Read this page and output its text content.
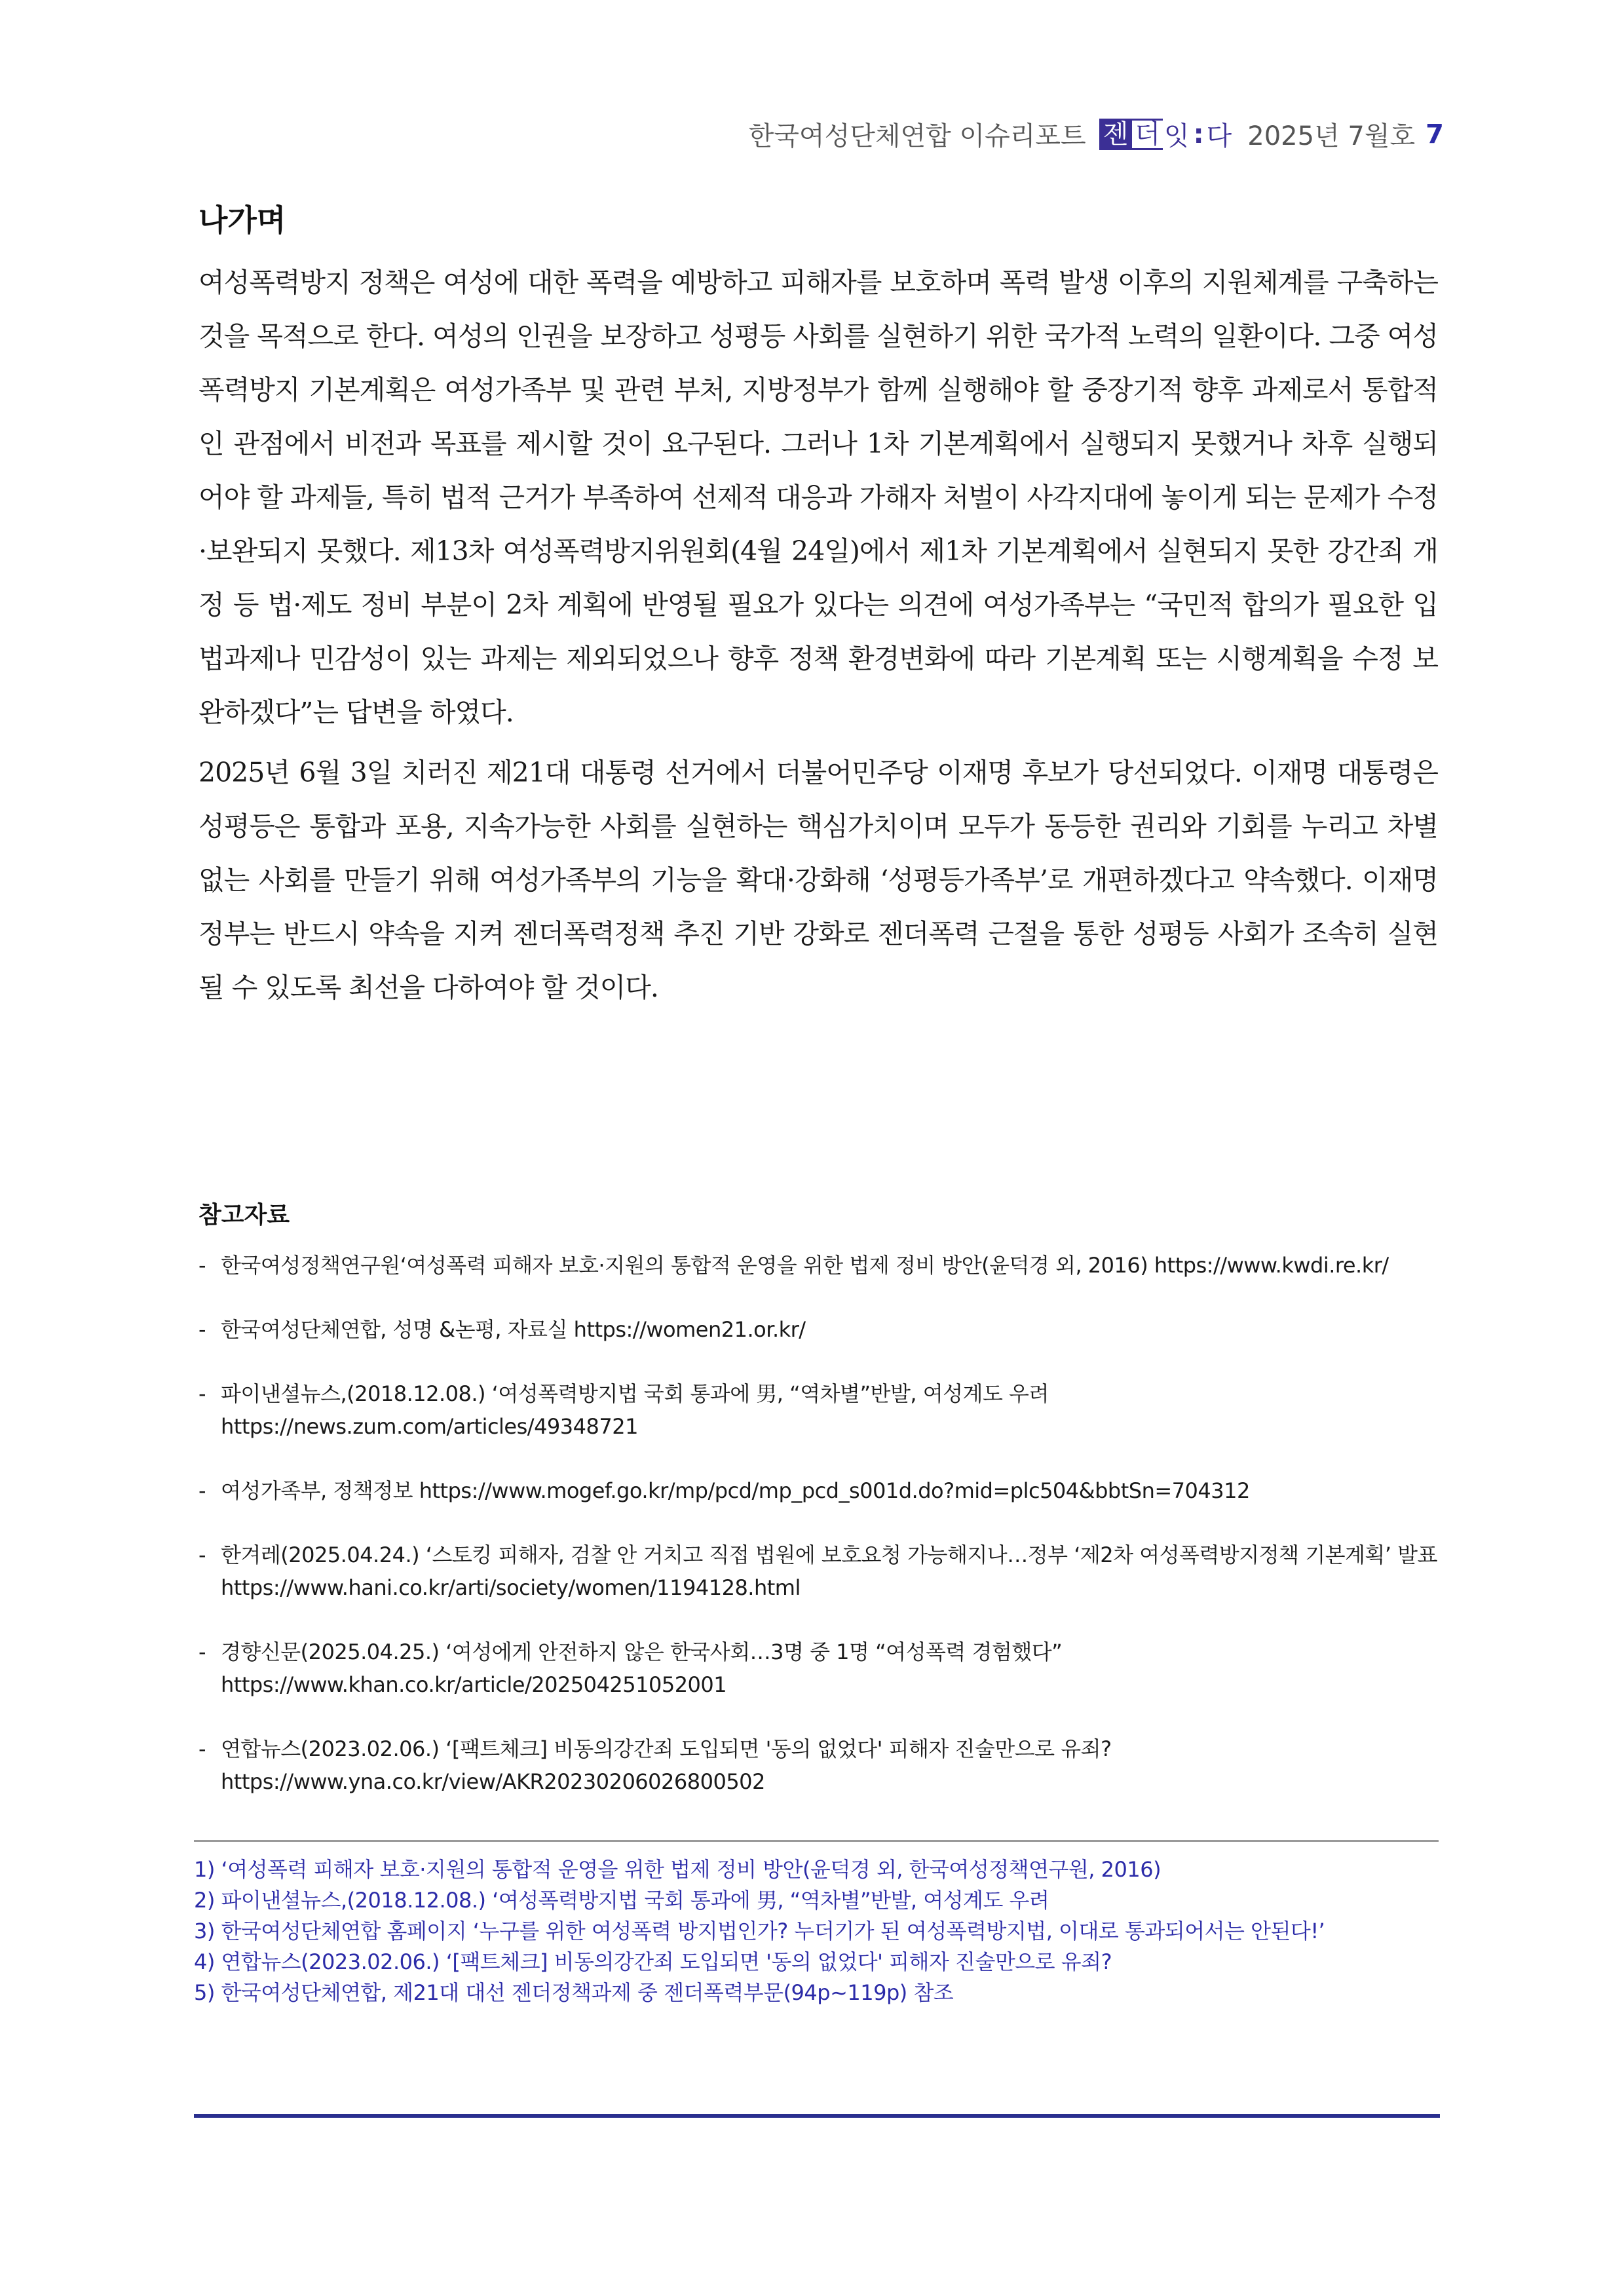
한국여성단체연합 이슈리포트 젠 더 잇 : 다 2025년 7월호 7
나가며

여성폭력방지 정책은 여성에 대한 폭력을 예방하고 피해자를 보호하며 폭력 발생 이후의 지원체계를 구축하는 것을 목적으로 한다. 여성의 인권을 보장하고 성평등 사회를 실현하기 위한 국가적 노력의 일환이다. 그중 여성폭력방지 기본계획은 여성가족부 및 관련 부처, 지방정부가 함께 실행해야 할 중장기적 향후 과제로서 통합적인 관점에서 비전과 목표를 제시할 것이 요구된다. 그러나 1차 기본계획에서 실행되지 못했거나 차후 실행되어야 할 과제들, 특히 법적 근거가 부족하여 선제적 대응과 가해자 처벌이 사각지대에 놓이게 되는 문제가 수정·보완되지 못했다. 제13차 여성폭력방지위원회(4월 24일)에서 제1차 기본계획에서 실현되지 못한 강간죄 개정 등 법·제도 정비 부분이 2차 계획에 반영될 필요가 있다는 의견에 여성가족부는 “국민적 합의가 필요한 입법과제나 민감성이 있는 과제는 제외되었으나 향후 정책 환경변화에 따라 기본계획 또는 시행계획을 수정 보완하겠다”는 답변을 하였다.

2025년 6월 3일 치러진 제21대 대통령 선거에서 더불어민주당 이재명 후보가 당선되었다. 이재명 대통령은 성평등은 통합과 포용, 지속가능한 사회를 실현하는 핵심가치이며 모두가 동등한 권리와 기회를 누리고 차별 없는 사회를 만들기 위해 여성가족부의 기능을 확대·강화해 ‘성평등가족부’로 개편하겠다고 약속했다. 이재명 정부는 반드시 약속을 지켜 젠더폭력정책 추진 기반 강화로 젠더폭력 근절을 통한 성평등 사회가 조속히 실현될 수 있도록 최선을 다하여야 할 것이다.

참고자료
- 한국여성정책연구원‘여성폭력 피해자 보호·지원의 통합적 운영을 위한 법제 정비 방안(윤덕경 외, 2016) https://www.kwdi.re.kr/
- 한국여성단체연합, 성명 &논평, 자료실 https://women21.or.kr/
- 파이낸셜뉴스,(2018.12.08.) ‘여성폭력방지법 국회 통과에 男, “역차별”반발, 여성계도 우려 https://news.zum.com/articles/49348721
- 여성가족부, 정책정보 https://www.mogef.go.kr/mp/pcd/mp_pcd_s001d.do?mid=plc504&bbtSn=704312
- 한겨레(2025.04.24.) ‘스토킹 피해자, 검찰 안 거치고 직접 법원에 보호요청 가능해지나…정부 ‘제2차 여성폭력방지정책 기본계획’ 발표
https://www.hani.co.kr/arti/society/women/1194128.html
- 경향신문(2025.04.25.) ‘여성에게 안전하지 않은 한국사회…3명 중 1명 “여성폭력 경험했다”
https://www.khan.co.kr/article/202504251052001
- 연합뉴스(2023.02.06.) ‘[팩트체크] 비동의강간죄 도입되면 '동의 없었다' 피해자 진술만으로 유죄?
https://www.yna.co.kr/view/AKR20230206026800502
1) ‘여성폭력 피해자 보호·지원의 통합적 운영을 위한 법제 정비 방안(윤덕경 외, 한국여성정책연구원, 2016)
2) 파이낸셜뉴스,(2018.12.08.) ‘여성폭력방지법 국회 통과에 男, “역차별”반발, 여성계도 우려
3) 한국여성단체연합 홈페이지 ‘누구를 위한 여성폭력 방지법인가? 누더기가 된 여성폭력방지법, 이대로 통과되어서는 안된다!’
4) 연합뉴스(2023.02.06.) ‘[팩트체크] 비동의강간죄 도입되면 '동의 없었다' 피해자 진술만으로 유죄?
5) 한국여성단체연합, 제21대 대선 젠더정책과제 중 젠더폭력부문(94p~119p) 참조
